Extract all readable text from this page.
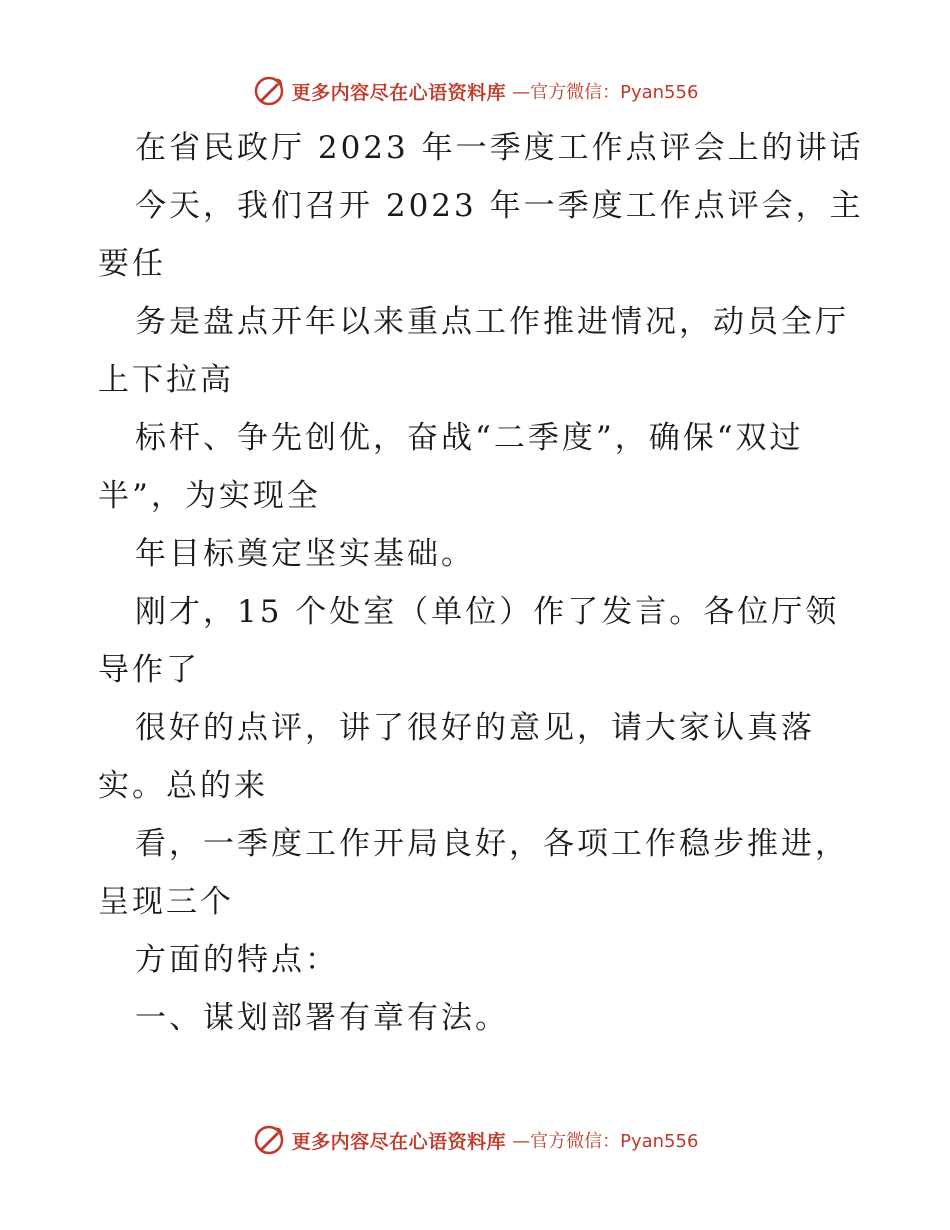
更多内容尽在心语资料库 —官方微信：Pyan556
在省民政厅 2023 年一季度工作点评会上的讲话
今天，我们召开 2023 年一季度工作点评会，主
要任
务是盘点开年以来重点工作推进情况，动员全厅
上下拉高
标杆、争先创优，奋战“二季度”，确保“双过
半”，为实现全
年目标奠定坚实基础。
刚才，15 个处室（单位）作了发言。各位厅领
导作了
很好的点评，讲了很好的意见，请大家认真落
实。总的来
看，一季度工作开局良好，各项工作稳步推进，
呈现三个
方面的特点：
一、谋划部署有章有法。
更多内容尽在心语资料库 —官方微信：Pyan556
